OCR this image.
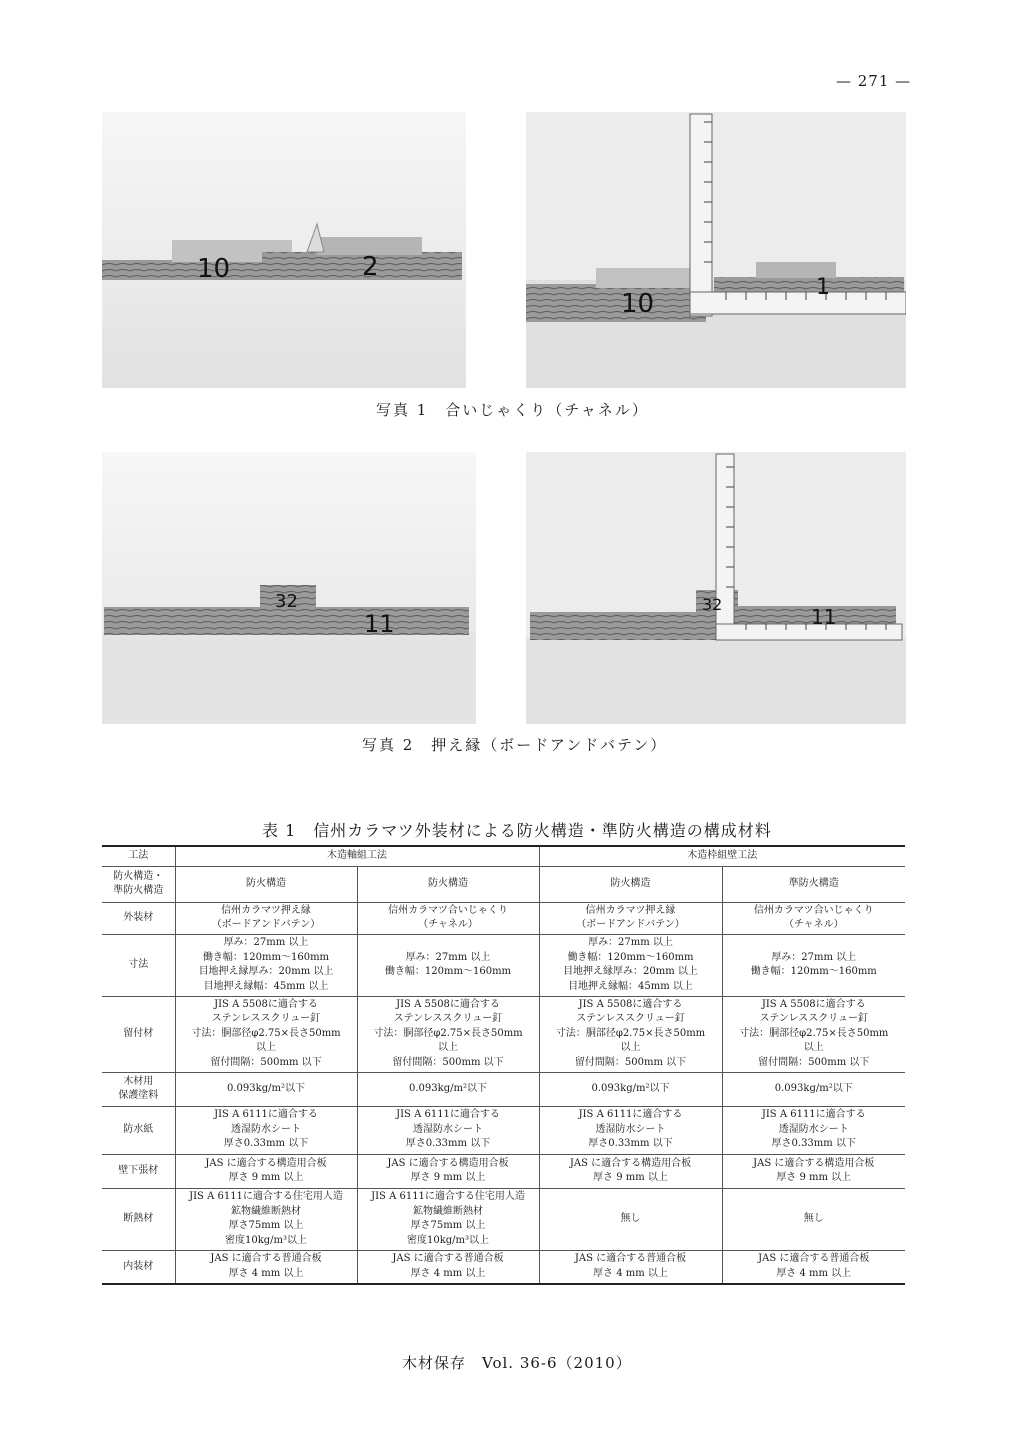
— 271 —
10	2
10
1
写真 1　合いじゃくり（チャネル）
32
11
32
11
写真 2　押え縁（ボードアンドバテン）
表 1　信州カラマツ外装材による防火構造・準防火構造の構成材料
工法	木造軸組工法		木造枠組壁工法	

防火構造・
準防火構造	防火構造	防火構造	防火構造	準防火構造

外装材	信州カラマツ押え縁
（ボードアンドバテン）	信州カラマツ合いじゃくり
（チャネル）	信州カラマツ押え縁
（ボードアンドバテン）	信州カラマツ合いじゃくり
（チャネル）

寸法	厚み：27mm 以上
働き幅：120mm～160mm
目地押え縁厚み：20mm 以上
目地押え縁幅：45mm 以上	厚み：27mm 以上
働き幅：120mm～160mm	厚み：27mm 以上
働き幅：120mm～160mm
目地押え縁厚み：20mm 以上
目地押え縁幅：45mm 以上	厚み：27mm 以上
働き幅：120mm～160mm

留付材	JIS A 5508に適合する
ステンレススクリュー釘
寸法：胴部径φ2.75×長さ50mm
以上
留付間隔：500mm 以下	JIS A 5508に適合する
ステンレススクリュー釘
寸法：胴部径φ2.75×長さ50mm
以上
留付間隔：500mm 以下	JIS A 5508に適合する
ステンレススクリュー釘
寸法：胴部径φ2.75×長さ50mm
以上
留付間隔：500mm 以下	JIS A 5508に適合する
ステンレススクリュー釘
寸法：胴部径φ2.75×長さ50mm
以上
留付間隔：500mm 以下

木材用
保護塗料	0.093kg/m²以下	0.093kg/m²以下	0.093kg/m²以下	0.093kg/m²以下

防水紙	JIS A 6111に適合する
透湿防水シート
厚さ0.33mm 以下	JIS A 6111に適合する
透湿防水シート
厚さ0.33mm 以下	JIS A 6111に適合する
透湿防水シート
厚さ0.33mm 以下	JIS A 6111に適合する
透湿防水シート
厚さ0.33mm 以下

壁下張材	JAS に適合する構造用合板
厚さ 9 mm 以上	JAS に適合する構造用合板
厚さ 9 mm 以上	JAS に適合する構造用合板
厚さ 9 mm 以上	JAS に適合する構造用合板
厚さ 9 mm 以上

断熱材	JIS A 6111に適合する住宅用人造
鉱物繊維断熱材
厚さ75mm 以上
密度10kg/m³以上	JIS A 6111に適合する住宅用人造
鉱物繊維断熱材
厚さ75mm 以上
密度10kg/m³以上	無し	無し

内装材	JAS に適合する普通合板
厚さ 4 mm 以上	JAS に適合する普通合板
厚さ 4 mm 以上	JAS に適合する普通合板
厚さ 4 mm 以上	JAS に適合する普通合板
厚さ 4 mm 以上
木材保存　Vol. 36-6（2010）
